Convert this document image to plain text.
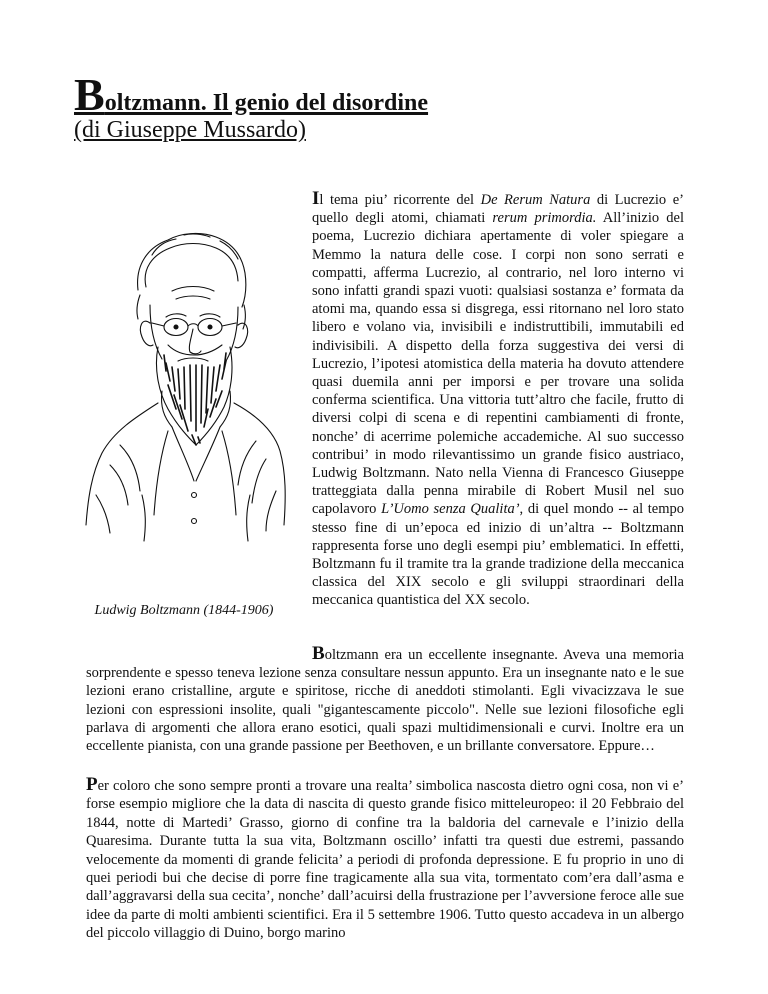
Boltzmann. Il genio del disordine
(di Giuseppe Mussardo)
Ludwig Boltzmann (1844-1906)

Il tema piu’ ricorrente del De Rerum Natura di Lucrezio e’ quello degli atomi, chiamati rerum primordia. All’inizio del poema, Lucrezio dichiara apertamente di voler spiegare a Memmo la natura delle cose. I corpi non sono serrati e compatti, afferma Lucrezio, al contrario, nel loro interno vi sono infatti grandi spazi vuoti: qualsiasi sostanza e’ formata da atomi ma, quando essa si disgrega, essi ritornano nel loro stato libero e volano via, invisibili e indistruttibili, immutabili ed indivisibili. A dispetto della forza suggestiva dei versi di Lucrezio, l’ipotesi atomistica della materia ha dovuto attendere quasi duemila anni per imporsi e per trovare una solida conferma scientifica. Una vittoria tutt’altro che facile, frutto di diversi colpi di scena e di repentini cambiamenti di fronte, nonche’ di acerrime polemiche accademiche. Al suo successo contribui’ in modo rilevantissimo un grande fisico austriaco, Ludwig Boltzmann. Nato nella Vienna di Francesco Giuseppe tratteggiata dalla penna mirabile di Robert Musil nel suo capolavoro L’Uomo senza Qualita’, di quel mondo -- al tempo stesso fine di un’epoca ed inizio di un’altra -- Boltzmann rappresenta forse uno degli esempi piu’ emblematici. In effetti, Boltzmann fu il tramite tra la grande tradizione della meccanica classica del XIX secolo e gli sviluppi straordinari della meccanica quantistica del XX secolo.

Boltzmann era un eccellente insegnante. Aveva una memoria sorprendente e spesso teneva lezione senza consultare nessun appunto. Era un insegnante nato e le sue lezioni erano cristalline, argute e spiritose, ricche di aneddoti stimolanti. Egli vivacizzava le sue lezioni con espressioni insolite, quali "gigantescamente piccolo". Nelle sue lezioni filosofiche egli parlava di argomenti che allora erano esotici, quali spazi multidimensionali e curvi. Inoltre era un eccellente pianista, con una grande passione per Beethoven, e un brillante conversatore. Eppure…

Per coloro che sono sempre pronti a trovare una realta’ simbolica nascosta dietro ogni cosa, non vi e’ forse esempio migliore che la data di nascita di questo grande fisico mitteleuropeo: il 20 Febbraio del 1844, notte di Martedi’ Grasso, giorno di confine tra la baldoria del carnevale e l’inizio della Quaresima. Durante tutta la sua vita, Boltzmann oscillo’ infatti tra questi due estremi, passando velocemente da momenti di grande felicita’ a periodi di profonda depressione. E fu proprio in uno di quei periodi bui che decise di porre fine tragicamente alla sua vita, tormentato com’era dall’asma e dall’aggravarsi della sua cecita’, nonche’ dall’acuirsi della frustrazione per l’avversione feroce alle sue idee da parte di molti ambienti scientifici. Era il 5 settembre 1906. Tutto questo accadeva in un albergo del piccolo villaggio di Duino, borgo marino
